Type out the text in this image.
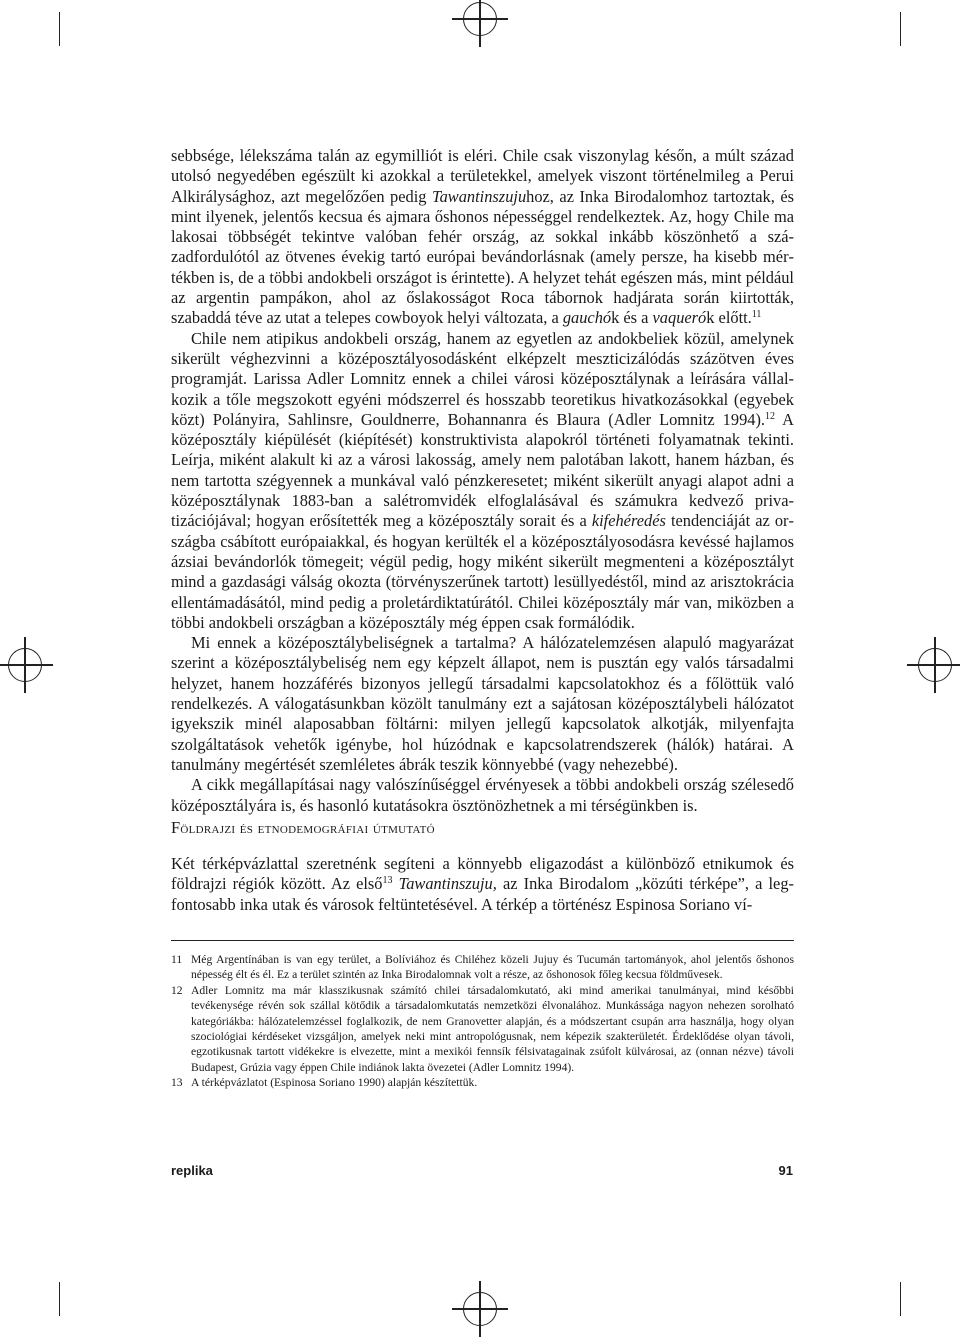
sebbsége, lélekszáma talán az egymilliót is eléri. Chile csak viszonylag későn, a múlt század utolsó negyedében egészült ki azokkal a területekkel, amelyek viszont történelmileg a Perui Alkirálysághoz, azt megelőzően pedig Tawantinszujuhoz, az Inka Birodalomhoz tartoztak, és mint ilyenek, jelentős kecsua és ajmara őshonos népességgel rendelkeztek. Az, hogy Chile ma lakosai többségét tekintve valóban fehér ország, az sokkal inkább köszönhető a századfordulótól az ötvenes évekig tartó európai bevándorlásnak (amely persze, ha kisebb mértékben is, de a többi andokbeli országot is érintette). A helyzet tehát egészen más, mint például az argentin pampákon, ahol az őslakosságot Roca tábornok hadjárata során kiirtották, szabaddá téve az utat a telepes cowboyok helyi változata, a gauchók és a vaquerók előtt.$^{11}$

Chile nem atipikus andokbeli ország, hanem az egyetlen az andokbeliek közül, amelynek sikerült véghezvinni a középosztályosodásként elképzelt meszticizálódás százötven éves programját. Larissa Adler Lomnitz ennek a chilei városi középosztálynak a leírására vállalkozik a tőle megszokott egyéni módszerrel és hosszabb teoretikus hivatkozásokkal (egyebek közt) Polányira, Sahlinsre, Gouldnerre, Bohannanra és Blaura (Adler Lomnitz 1994).$^{12}$ A középosztály kiépülését (kiépítését) konstruktivista alapokról történeti folyamatnak tekinti. Leírja, miként alakult ki az a városi lakosság, amely nem palotában lakott, hanem házban, és nem tartotta szégyennek a munkával való pénzkeresetet; miként sikerült anyagi alapot adni a középosztálynak 1883-ban a salétromvidék elfoglalásával és számukra kedvező privatizációjával; hogyan erősítették meg a középosztály sorait és a kifehéredés tendenciáját az országba csábított európaiakkal, és hogyan kerülték el a középosztályosodásra kevéssé hajlamos ázsiai bevándorlók tömegeit; végül pedig, hogy miként sikerült megmenteni a középosztályt mind a gazdasági válság okozta (törvényszerűnek tartott) lesüllyedéstől, mind az arisztokrácia ellentámadásától, mind pedig a proletárdiktatúrától. Chilei középosztály már van, miközben a többi andokbeli országban a középosztály még éppen csak formálódik.

Mi ennek a középosztálybeliségnek a tartalma? A hálózatelemzésen alapuló magyarázat szerint a középosztálybeliség nem egy képzelt állapot, nem is pusztán egy valós társadalmi helyzet, hanem hozzáférés bizonyos jellegű társadalmi kapcsolatokhoz és a főlöttük való rendelkezés. A válogatásunkban közölt tanulmány ezt a sajátosan középosztálybeli hálózatot igyekszik minél alaposabban föltárni: milyen jellegű kapcsolatok alkotják, milyenfajta szolgáltatások vehetők igénybe, hol húzódnak e kapcsolatrendszerek (hálók) határai. A tanulmány megértését szemléletes ábrák teszik könnyebbé (vagy nehezebbé).

A cikk megállapításai nagy valószínűséggel érvényesek a többi andokbeli ország szélesedő középosztályára is, és hasonló kutatásokra ösztönözhetnek a mi térségünkben is.

Földrajzi és etnodemográfiai útmutató
Két térképvázlattal szeretnénk segíteni a könnyebb eligazodást a különböző etnikumok és földrajzi régiók között. Az első$^{13}$ Tawantinszuju, az Inka Birodalom „közúti térképe”, a legfontosabb inka utak és városok feltüntetésével. A térkép a történész Espinosa Soriano ví-
11 Még Argentínában is van egy terület, a Bolíviához és Chiléhez közeli Jujuy és Tucumán tartományok, ahol jelentős őshonos népesség élt és él. Ez a terület szintén az Inka Birodalomnak volt a része, az őshonosok főleg kecsua földművesek.
12 Adler Lomnitz ma már klasszikusnak számító chilei társadalomkutató, aki mind amerikai tanulmányai, mind későbbi tevékenysége révén sok szállal kötődik a társadalomkutatás nemzetközi élvonalához. Munkássága nagyon nehezen sorolható kategóriákba: hálózatelemzéssel foglalkozik, de nem Granovetter alapján, és a módszertant csupán arra használja, hogy olyan szociológiai kérdéseket vizsgáljon, amelyek neki mint antropológusnak, nem képezik szakterületét. Érdeklődése olyan távoli, egzotikusnak tartott vidékekre is elvezette, mint a mexikói fennsík félsivatagainak zsúfolt külvárosai, az (onnan nézve) távoli Budapest, Grúzia vagy éppen Chile indiánok lakta övezetei (Adler Lomnitz 1994).
13 A térképvázlatot (Espinosa Soriano 1990) alapján készítettük.
replika	91
